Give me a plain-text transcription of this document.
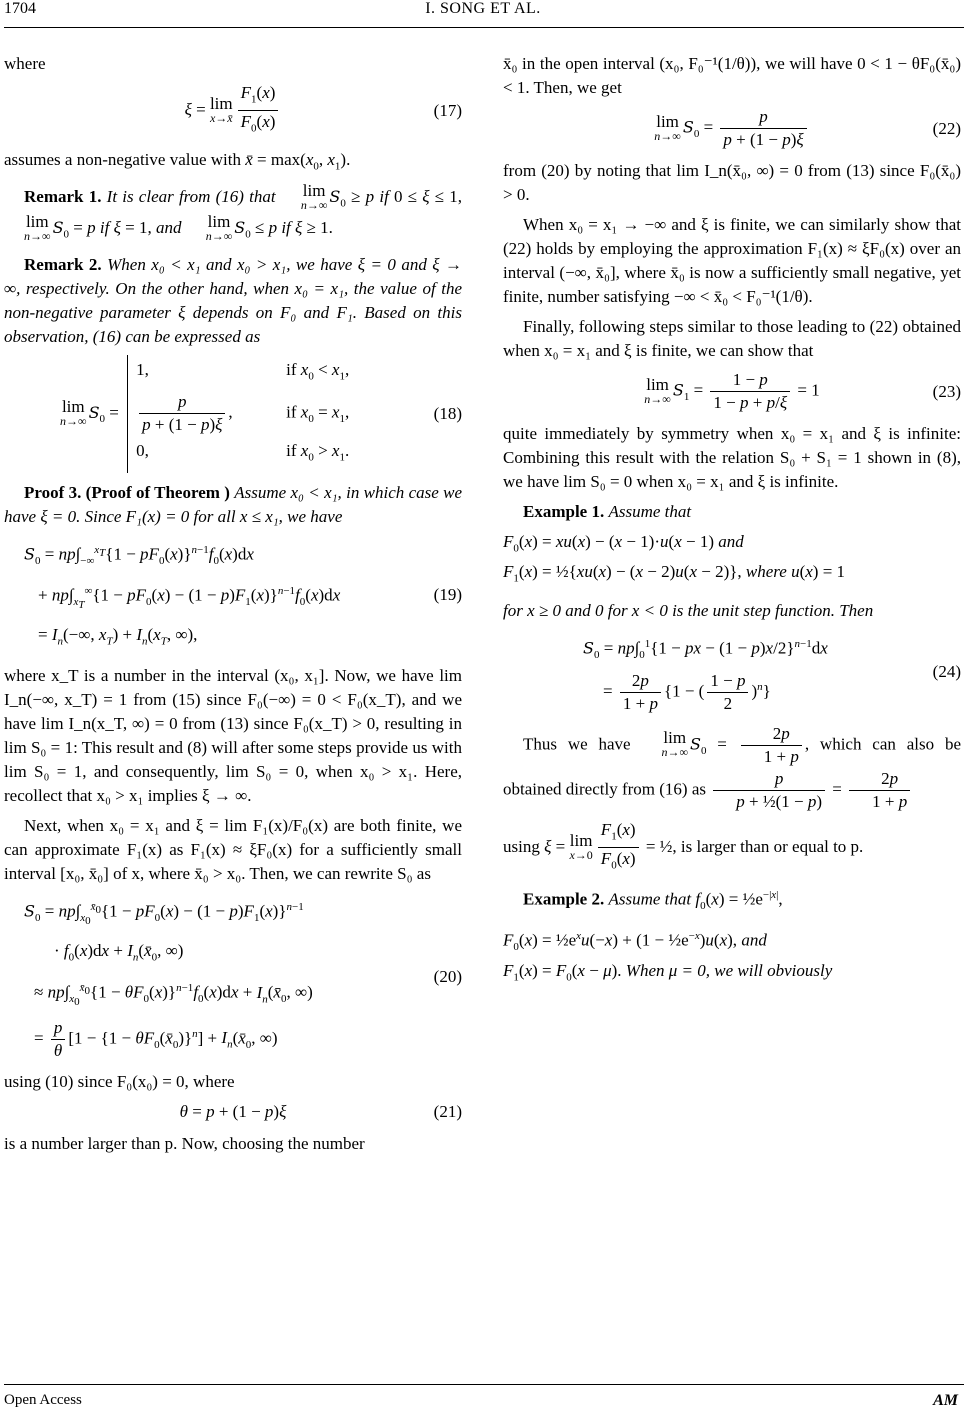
1704	I. SONG ET AL.

where

ξ = lim
x→x̄ $\frac{F_1(x)}{F_0(x)}$	(17)

assumes a non-negative value with x̄ = $\max(x_0$, $x_1$).

Remark 1. It is clear from (16) that lim
n→∞ $S_0 \ge p$ if 0 ≤ ξ ≤ 1, lim
n→∞ $S_0 = p$ if ξ = 1, and lim
n→∞ $S_0 \le p$ if ξ ≥ 1.

Remark 2. When x₀ < x₁ and x₀ > x₁, we have ξ = 0 and ξ → ∞, respectively. On the other hand, when x₀ = x₁, the value of the non-negative parameter ξ depends on F₀ and F₁. Based on this observation, (16) can be expressed as

lim
n→∞ $S_0$ =
1,	if $x_0 < x_1$,
$\frac{p}{p + (1 - p)\xi}$ ,	if $x_0 = x_1$,
0,	if $x_0 > x_1$.
(18)

Proof 3. (Proof of Theorem ) Assume x₀ < x₁, in which case we have ξ = 0. Since F₁(x) = 0 for all x ≤ x₁, we have

$S_0 = np\int_{-\infty}^{x_T}\{1 - pF_0(x)\}^{n-1}f_0(x)dx$
+ $np\int_{x_T}^\infty\{1 - pF_0(x) - (1 - p)F_1(x)\}^{n-1}f_0(x)dx$
= $I_n(-\infty$, $x_T) + I_n(x_T$, ∞),
(19)

where x_T is a number in the interval (x₀, x₁]. Now, we have lim I_n(−∞, x_T) = 1 from (15) since F₀(−∞) = 0 < F₀(x_T), and we have lim I_n(x_T, ∞) = 0 from (13) since F₀(x_T) > 0, resulting in lim S₀ = 1: This result and (8) will after some steps provide us with lim S₀ = 1, and consequently, lim S₀ = 0, when x₀ > x₁. Here, recollect that x₀ > x₁ implies ξ → ∞.

Next, when x₀ = x₁ and ξ = lim F₁(x)/F₀(x) are both finite, we can approximate F₁(x) as F₁(x) ≈ ξF₀(x) for a sufficiently small interval [x₀, x̄₀] of x, where x̄₀ > x₀. Then, we can rewrite S₀ as

$S_0 = np\int_{x_0}^{x̄_0}\{1 - pF_0(x) - (1 - p)F_1(x)\}^{n-1}$
· $f_0(x)dx$ + $I_n(x̄_0$, ∞)
≈ $np\int_{x_0}^{x̄_0}\{1 - \theta F_0(x)\}^{n-1}f_0(x)dx$ + $I_n(x̄_0$, ∞)
= $\frac{p}{\theta} [1 - \{1$ − $\theta F_0(x̄_0)\}^n$] + $I_n(x̄_0$, ∞)
(20)

using (10) since F₀(x₀) = 0, where

θ = p + (1 − p)ξ	(21)

is a number larger than p. Now, choosing the number

x̄₀ in the open interval (x₀, F₀⁻¹(1/θ)), we will have 0 < 1 − θF₀(x̄₀) < 1. Then, we get

lim
n→∞ $S_0 = \frac{p}{p + (1 - p)\xi}$	(22)

from (20) by noting that lim I_n(x̄₀, ∞) = 0 from (13) since F₀(x̄₀) > 0.

When x₀ = x₁ → −∞ and ξ is finite, we can similarly show that (22) holds by employing the approximation F₁(x) ≈ ξF₀(x) over an interval (−∞, x̄₀], where x̄₀ is now a sufficiently small negative, yet finite, number satisfying −∞ < x̄₀ < F₀⁻¹(1/θ).

Finally, following steps similar to those leading to (22) obtained when x₀ = x₁ and ξ is finite, we can show that

lim
n→∞ $S_1 = \frac{1 - p}{1 - p + p/\xi} = 1$	(23)

quite immediately by symmetry when x₀ = x₁ and ξ is infinite: Combining this result with the relation S₀ + S₁ = 1 shown in (8), we have lim S₀ = 0 when x₀ = x₁ and ξ is infinite.

Example 1. Assume that

$F_0(x) = xu(x) - (x - 1)\cdot u(x - 1)$ and
$F_1(x)$ = ½{xu(x) − (x − 2)u(x − 2)}, where u(x) = 1

for x ≥ 0 and 0 for x < 0 is the unit step function. Then

$S_0 = np\int_0^1\{1$ − px − (1 − p)x/2}$^{n-1}$dx
= $\frac{2p}{1 + p} \{1$ − ( $\frac{1 - p}{2} )^n$}
(24)

Thus we have lim
n→∞ $S_0 = \frac{2p}{1 + p}$ , which can also be obtained directly from (16) as $\frac{p}{\text{p + ½(1 − p)}} = \frac{2p}{1 + p}$

using ξ = lim
$x\to 0 \frac{F_1(x)}{F_0(x)}$ = ½, is larger than or equal to p.

Example 2. Assume that $f_0(x)$ = $\frac{1}{2}e^{-|x|}$,

$F_0(x)$ = $\frac{1}{2}e^xu(-x) + (1$ − $\frac{1}{2}e^{-x})u(x)$, and
$F_1(x) = F_0(x - \mu)$. When μ = 0, we will obviously
Open Access	AM
